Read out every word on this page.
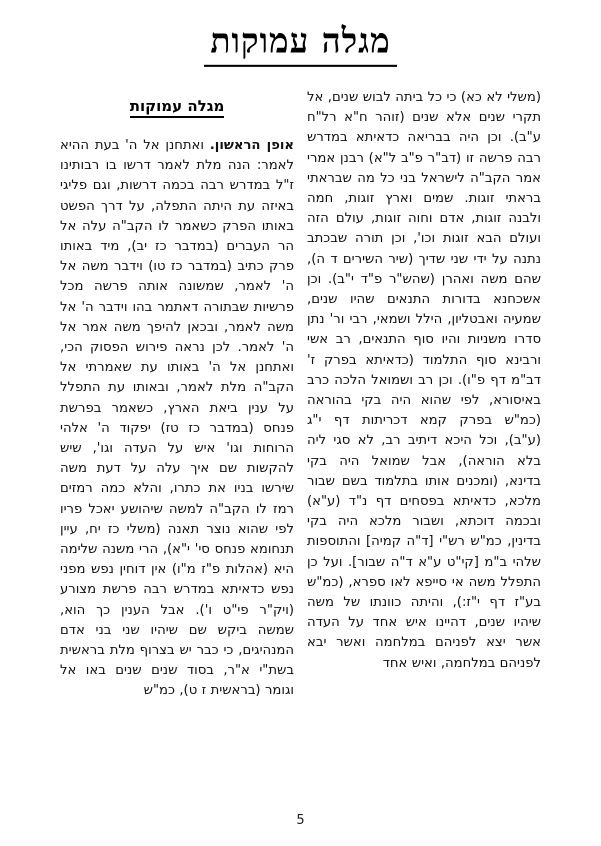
מגלה עמוקות
מגלה עמוקות
אופן הראשון. ואתחנן אל ה' בעת ההיא לאמר: הנה מלת לאמר דרשו בו רבותינו ז"ל במדרש רבה בכמה דרשות, וגם פליגי באיזה עת היתה התפלה, על דרך הפשט באותו הפרק כשאמר לו הקב"ה עלה אל הר העברים (במדבר כז יב), מיד באותו פרק כתיב (במדבר כז טו) וידבר משה אל ה' לאמר, שמשונה אותה פרשה מכל פרשיות שבתורה דאתמר בהו וידבר ה' אל משה לאמר, ובכאן להיפך משה אמר אל ה' לאמר. לכן נראה פירוש הפסוק הכי, ואתחנן אל ה' באותו עת שאמרתי אל הקב"ה מלת לאמר, ובאותו עת התפלל על ענין ביאת הארץ, כשאמר בפרשת פנחס (במדבר כז טז) יפקוד ה' אלהי הרוחות וגו' איש על העדה וגו', שיש להקשות שם איך עלה על דעת משה שירשו בניו את כתרו, והלא כמה רמזים רמז לו הקב"ה למשה שיהושע יאכל פריו לפי שהוא נוצר תאנה (משלי כז יח, עיין תנחומא פנחס סי' י"א), הרי משנה שלימה היא (אהלות פ"ז מ"ו) אין דוחין נפש מפני נפש כדאיתא במדרש רבה פרשת מצורע (ויק"ר פי"ט ו'). אבל הענין כך הוא, שמשה ביקש שם שיהיו שני בני אדם המנהיגים, כי כבר יש בצרוף מלת בראשית בשת"י א"ר, בסוד שנים שנים באו אל וגומר (בראשית ז ט), כמ"ש
(משלי לא כא) כי כל ביתה לבוש שנים, אל תקרי שנים אלא שנים (זוהר ח"א רל"ח ע"ב). וכן היה בבריאה כדאיתא במדרש רבה פרשה זו (דב"ר פ"ב ל"א) רבנן אמרי אמר הקב"ה לישראל בני כל מה שבראתי בראתי זוגות. שמים וארץ זוגות, חמה ולבנה זוגות, אדם וחוה זוגות, עולם הזה ועולם הבא זוגות וכו', וכן תורה שבכתב נתנה על ידי שני שדיך (שיר השירים ד ה), שהם משה ואהרן (שהש"ר פ"ד י"ב). וכן אשכחנא בדורות התנאים שהיו שנים, שמעיה ואבטליון, הילל ושמאי, רבי ור' נתן סדרו משניות והיו סוף התנאים, רב אשי ורבינא סוף התלמוד (כדאיתא בפרק ז' דב"מ דף פ"ו). וכן רב ושמואל הלכה כרב באיסורא, לפי שהוא היה בקי בהוראה (כמ"ש בפרק קמא דכריתות דף י"ג (ע"ב), וכל היכא דיתיב רב, לא סגי ליה בלא הוראה), אבל שמואל היה בקי בדינא, (ומכנים אותו בתלמוד בשם שבור מלכא, כדאיתא בפסחים דף נ"ד (ע"א) ובכמה דוכתא, ושבור מלכא היה בקי בדינין, כמ"ש רש"י [ד"ה קמיה] והתוספות שלהי ב"מ [קי"ט ע"א ד"ה שבור]. ועל כן התפלל משה אי סייפא לאו ספרא, (כמ"ש בע"ז דף י"ז:), והיתה כוונתו של משה שיהיו שנים, דהיינו איש אחד על העדה אשר יצא לפניהם במלחמה ואשר יבא לפניהם במלחמה, ואיש אחד
5
